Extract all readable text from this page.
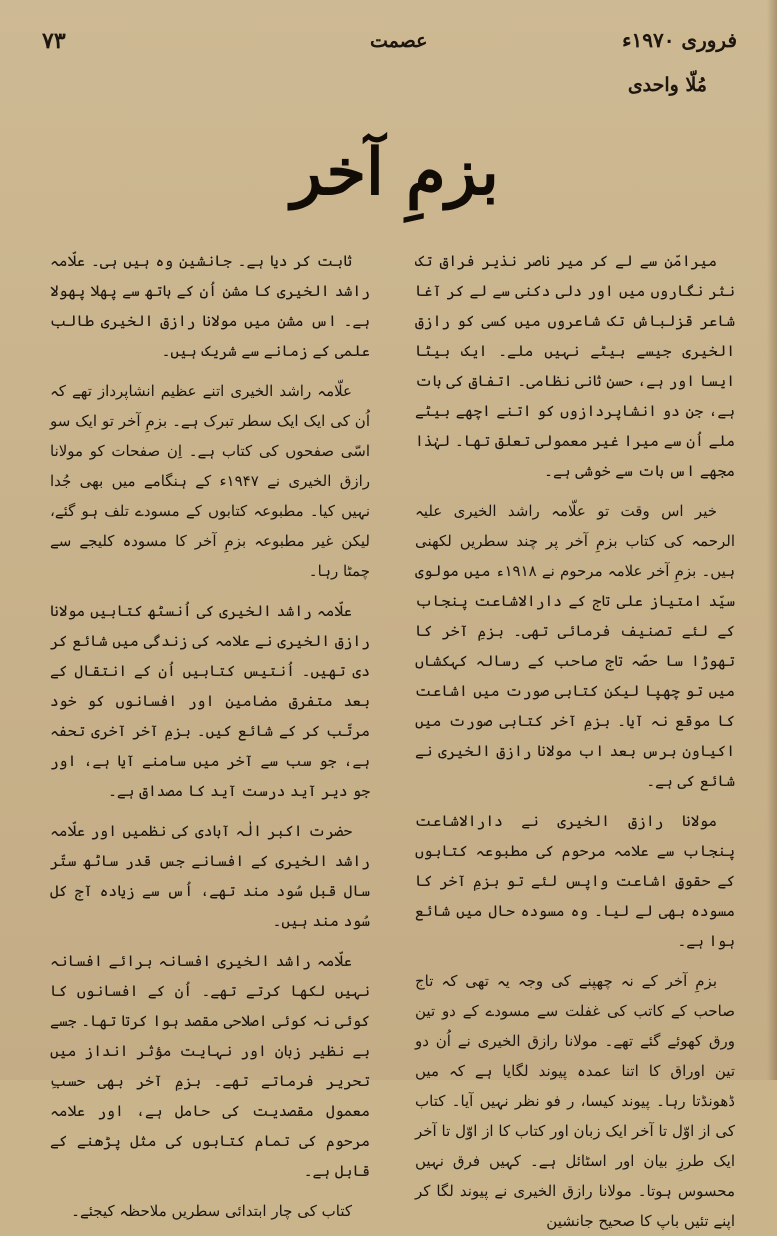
۷۳	عصمت	فروری ۱۹۷۰ء
مُلّا واحدی
بزمِ آخر

میرامّن سے لے کر میر ناصر نذیر فراق تک نثر نگاروں میں اور دلی دکنی سے لے کر آغا شاعر قزلباش تک شاعروں میں کسی کو رازق الخیری جیسے بیٹے نہیں ملے۔ ایک بیٹا ایسا اور ہے، حسن ثانی نظامی۔ اتفاق کی بات ہے، جن دو انشاپردازوں کو اتنے اچھے بیٹے ملے اُن سے میرا غیر معمولی تعلق تھا۔ لہٰذا مجھے اس بات سے خوشی ہے۔

خیر اس وقت تو علّامہ راشد الخیری علیہ الرحمہ کی کتاب بزمِ آخر پر چند سطریں لکھنی ہیں۔ بزمِ آخر علامہ مرحوم نے ۱۹۱۸ء میں مولوی سیّد امتیاز علی تاج کے دارالاشاعت پنجاب کے لئے تصنیف فرمائی تھی۔ بزمِ آخر کا تھوڑا سا حصّہ تاج صاحب کے رسالہ کہکشاں میں تو چھپا لیکن کتابی صورت میں اشاعت کا موقع نہ آیا۔ بزمِ آخر کتابی صورت میں اکیاون برس بعد اب مولانا رازق الخیری نے شائع کی ہے۔

مولانا رازق الخیری نے دارالاشاعت پنجاب سے علامہ مرحوم کی مطبوعہ کتابوں کے حقوقِ اشاعت واپس لئے تو بزمِ آخر کا مسودہ بھی لے لیا۔ وہ مسودہ حال میں شائع ہوا ہے۔

بزمِ آخر کے نہ چھپنے کی وجہ یہ تھی کہ تاج صاحب کے کاتب کی غفلت سے مسودے کے دو تین ورق کھوئے گئے تھے۔ مولانا رازق الخیری نے اُن دو تین اوراق کا اتنا عمدہ پیوند لگایا ہے کہ میں ڈھونڈتا رہا۔ پیوند کیسا، ر فو نظر نہیں آیا۔ کتاب کی از اوّل تا آخر ایک زبان اور کتاب کا از اوّل تا آخر ایک طرزِ بیان اور اسٹائل ہے۔ کہیں فرق نہیں محسوس ہوتا۔ مولانا رازق الخیری نے پیوند لگا کر اپنے تئیں باپ کا صحیح جانشین

ثابت کر دیا ہے۔ جانشین وہ ہیں ہی۔ علّامہ راشد الخیری کا مشن اُن کے ہاتھ سے پھلا پھولا ہے۔ اس مشن میں مولانا رازق الخیری طالب علمی کے زمانے سے شریک ہیں۔

علّامہ راشد الخیری اتنے عظیم انشاپرداز تھے کہ اُن کی ایک ایک سطر تبرک ہے۔ بزمِ آخر تو ایک سو اسّی صفحوں کی کتاب ہے۔ اِن صفحات کو مولانا رازق الخیری نے ۱۹۴۷ء کے ہنگامے میں بھی جُدا نہیں کیا۔ مطبوعہ کتابوں کے مسودے تلف ہو گئے، لیکن غیر مطبوعہ بزمِ آخر کا مسودہ کلیجے سے چمٹا رہا۔

علّامہ راشد الخیری کی اُنسٹھ کتابیں مولانا رازق الخیری نے علامہ کی زندگی میں شائع کر دی تھیں۔ اُنتیس کتابیں اُن کے انتقال کے بعد متفرق مضامین اور افسانوں کو خود مرتّب کر کے شائع کیں۔ بزمِ آخر آخری تحفہ ہے، جو سب سے آخر میں سامنے آیا ہے، اور جو دیر آید درست آید کا مصداق ہے۔

حضرت اکبر الٰہ آبادی کی نظمیں اور علّامہ راشد الخیری کے افسانے جس قدر ساٹھ ستّر سال قبل سُود مند تھے، اُس سے زیادہ آج کل سُود مند ہیں۔

علّامہ راشد الخیری افسانہ برائے افسانہ نہیں لکھا کرتے تھے۔ اُن کے افسانوں کا کوئی نہ کوئی اصلاحی مقصد ہوا کرتا تھا۔ جسے بے نظیر زبان اور نہایت مؤثر انداز میں تحریر فرماتے تھے۔ بزمِ آخر بھی حسبِ معمول مقصدیت کی حامل ہے، اور علامہ مرحوم کی تمام کتابوں کی مثل پڑھنے کے قابل ہے۔

کتاب کی چار ابتدائی سطریں ملاحظہ کیجئے۔
